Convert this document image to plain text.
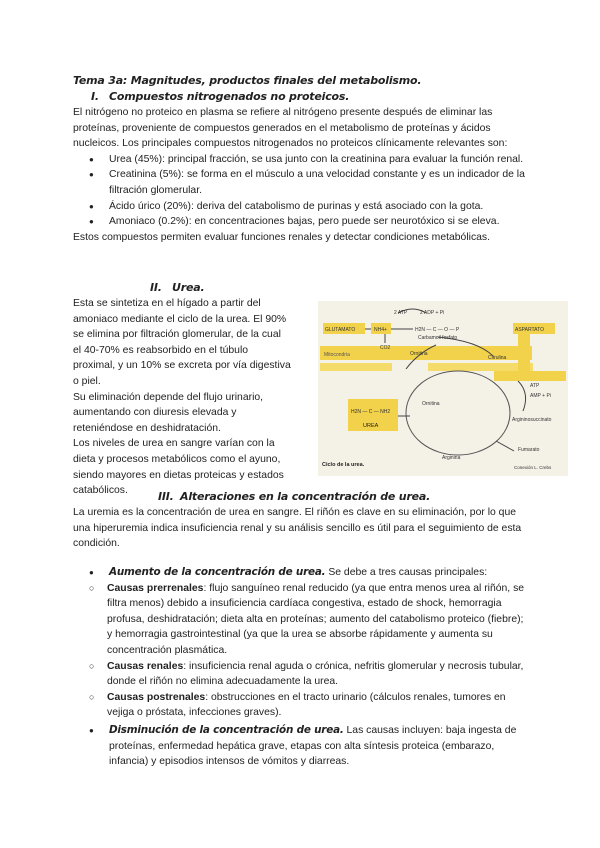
Tema 3a: Magnitudes, productos finales del metabolismo.
I. Compuestos nitrogenados no proteicos.
El nitrógeno no proteico en plasma se refiere al nitrógeno presente después de eliminar las proteínas, proveniente de compuestos generados en el metabolismo de proteínas y ácidos nucleicos. Los principales compuestos nitrogenados no proteicos clínicamente relevantes son:
● Urea (45%): principal fracción, se usa junto con la creatinina para evaluar la función renal.
● Creatinina (5%): se forma en el músculo a una velocidad constante y es un indicador de la filtración glomerular.
● Ácido úrico (20%): deriva del catabolismo de purinas y está asociado con la gota.
● Amoniaco (0.2%): en concentraciones bajas, pero puede ser neurotóxico si se eleva.
Estos compuestos permiten evaluar funciones renales y detectar condiciones metabólicas.
II. Urea.
Esta se sintetiza en el hígado a partir del amoniaco mediante el ciclo de la urea. El 90% se elimina por filtración glomerular, de la cual el 40-70% es reabsorbido en el túbulo proximal, y un 10% se excreta por vía digestiva o piel.
Su eliminación depende del flujo urinario, aumentando con diuresis elevada y reteniéndose en deshidratación.
Los niveles de urea en sangre varían con la dieta y procesos metabólicos como el ayuno, siendo mayores en dietas proteicas y estados catabólicos.
2 ATP	2 ADP + Pi
GLUTAMATO	NH4+	H2N — C — O — P
Carbamoil fosfato
CO2
Citrulina
ASPARTATO
Mitocondria	Ornitina
Ornitina
ATP
AMP + Pi
Argininosuccinato
Fumarato
Arginina
H2N — C — NH2
UREA
Ciclo de la urea.	Conexión L. Crebs
III. Alteraciones en la concentración de urea.
La uremia es la concentración de urea en sangre. El riñón es clave en su eliminación, por lo que una hiperuremia indica insuficiencia renal y su análisis sencillo es útil para el seguimiento de esta condición.
● Aumento de la concentración de urea. Se debe a tres causas principales:
○ Causas prerrenales: flujo sanguíneo renal reducido (ya que entra menos urea al riñón, se filtra menos) debido a insuficiencia cardíaca congestiva, estado de shock, hemorragia profusa, deshidratación; dieta alta en proteínas; aumento del catabolismo proteico (fiebre); y hemorragia gastrointestinal (ya que la urea se absorbe rápidamente y aumenta su concentración plasmática.
○ Causas renales: insuficiencia renal aguda o crónica, nefritis glomerular y necrosis tubular, donde el riñón no elimina adecuadamente la urea.
○ Causas postrenales: obstrucciones en el tracto urinario (cálculos renales, tumores en vejiga o próstata, infecciones graves).
● Disminución de la concentración de urea. Las causas incluyen: baja ingesta de proteínas, enfermedad hepática grave, etapas con alta síntesis proteica (embarazo, infancia) y episodios intensos de vómitos y diarreas.
